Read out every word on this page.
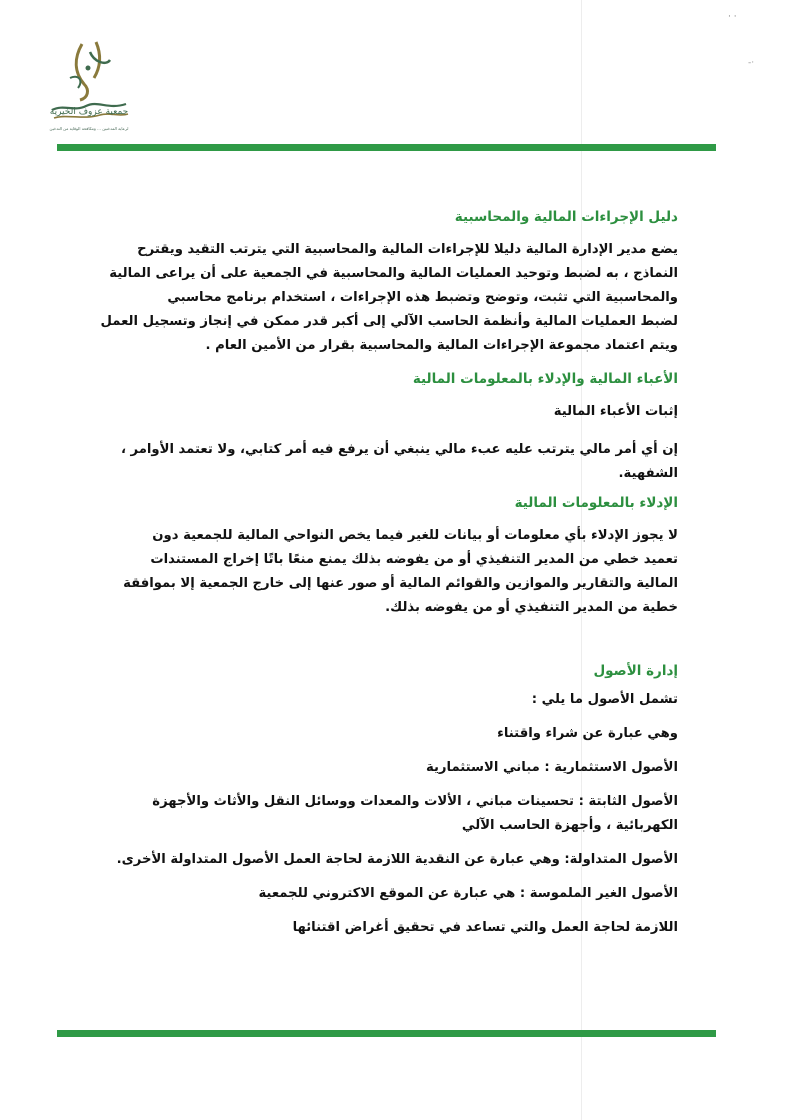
· ·
-·
جمعية عزوف الخيرية
لرعاية المدخنين ... ومكافحة الوقاية من التدخين

دليل الإجراءات المالية والمحاسبية

يضع مدير الإدارة المالية دليلا للإجراءات المالية والمحاسبية التي يترتب التقيد ويقترح

النماذج ، به لضبط وتوحيد العمليات المالية والمحاسبية في الجمعية على أن يراعى المالية

والمحاسبية التي تثبت، وتوضح وتضبط هذه الإجراءات ، استخدام برنامج محاسبي

لضبط العمليات المالية وأنظمة الحاسب الآلي إلى أكبر قدر ممكن في إنجاز وتسجيل العمل

ويتم اعتماد مجموعة الإجراءات المالية والمحاسبية بقرار من الأمين العام .

الأعباء المالية والإدلاء بالمعلومات المالية

إثبات الأعباء المالية

إن أي أمر مالي يترتب عليه عبء مالي ينبغي أن يرفع فيه أمر كتابي، ولا تعتمد الأوامر ،

الشفهية.

الإدلاء بالمعلومات المالية

لا يجوز الإدلاء بأي معلومات أو بيانات للغير فيما يخص النواحي المالية للجمعية دون

تعميد خطي من المدير التنفيذي أو من يفوضه بذلك يمنع منعًا باتًا إخراج المستندات

المالية والتقارير والموازين والقوائم المالية أو صور عنها إلى خارج الجمعية إلا بموافقة

خطية من المدير التنفيذي أو من يفوضه بذلك.

إدارة الأصول

تشمل الأصول ما يلي :

وهي عبارة عن شراء واقتناء

الأصول الاستثمارية : مباني الاستثمارية

الأصول الثابتة : تحسينات مباني ، الألات والمعدات ووسائل النقل والأثاث والأجهزة

الكهربائية ، وأجهزة الحاسب الآلي

الأصول المتداولة: وهي عبارة عن النقدية اللازمة لحاجة العمل الأصول المتداولة الأخرى.

الأصول الغير الملموسة : هي عبارة عن الموقع الاكتروني للجمعية

اللازمة لحاجة العمل والتي تساعد في تحقيق أغراض اقتنائها
